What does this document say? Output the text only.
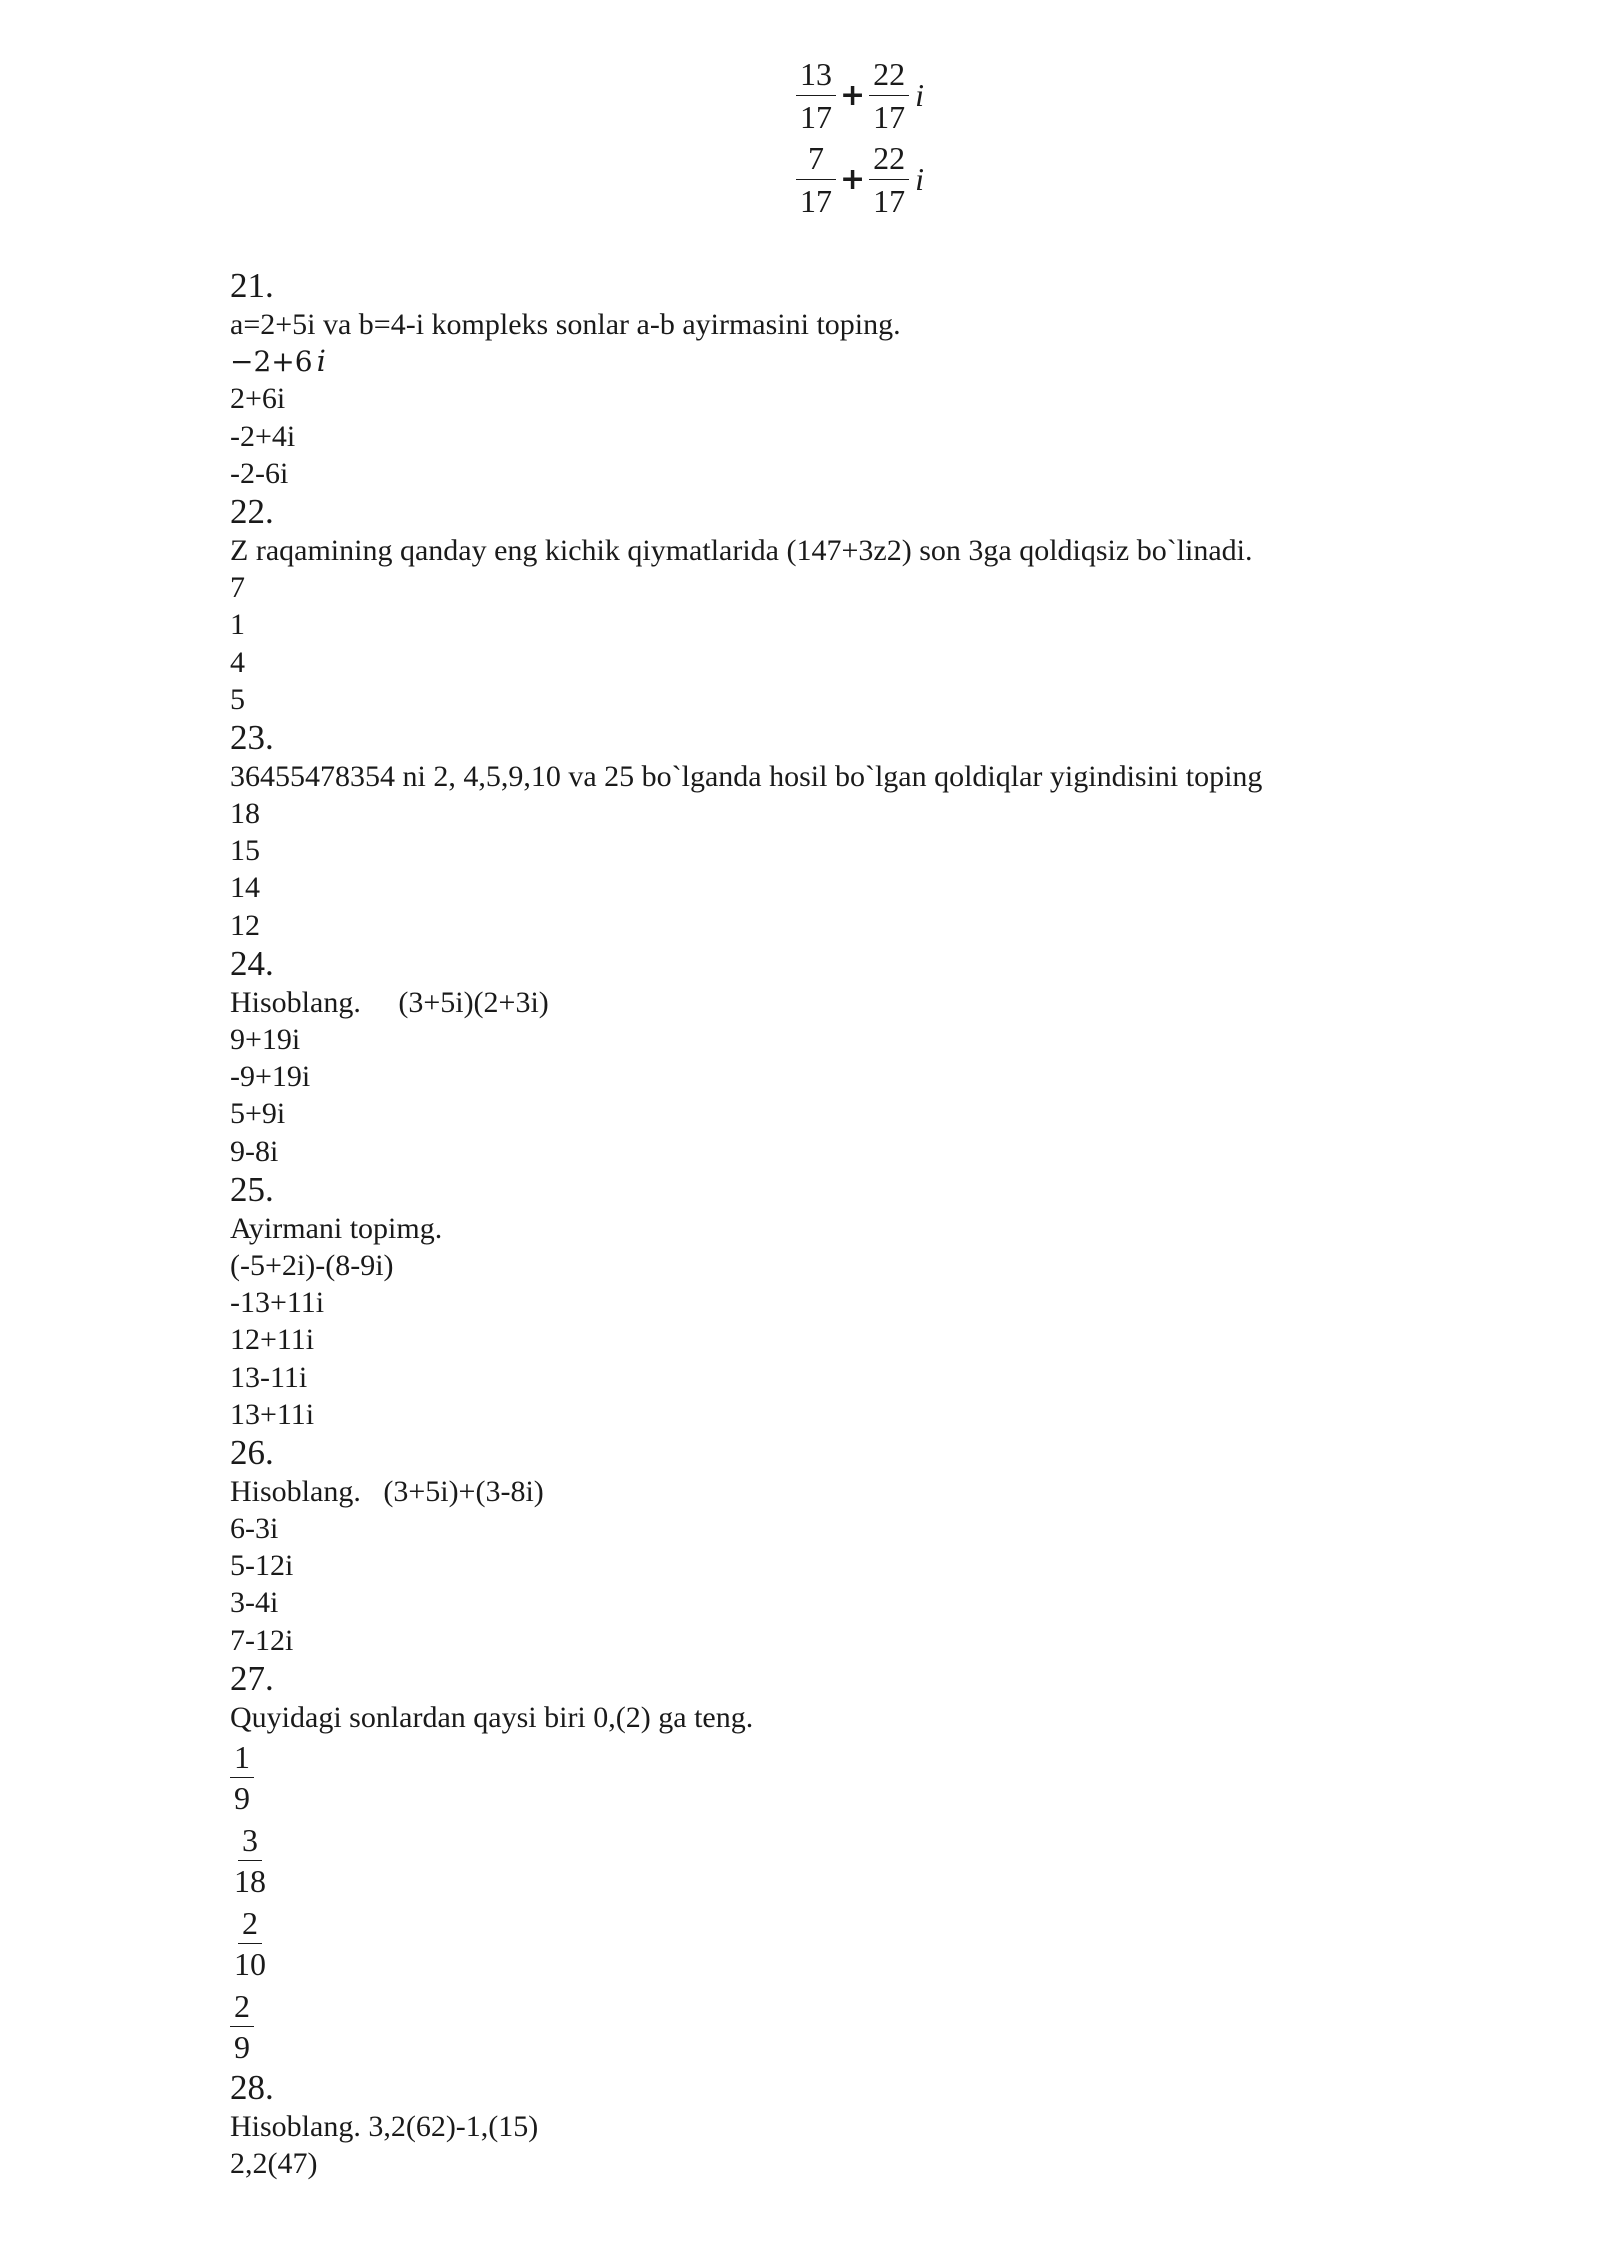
$\frac{13}{17} + \frac{22}{17}$ i
$\frac{7}{17} + \frac{22}{17}$ i
21.
a=2+5i va b=4-i kompleks sonlar a-b ayirmasini toping.
−2+6 i
2+6i
-2+4i
-2-6i
22.
Z raqamining qanday eng kichik qiymatlarida (147+3z2) son 3ga qoldiqsiz bo`linadi.
7
1
4
5
23.
36455478354 ni 2, 4,5,9,10 va 25 bo`lganda hosil bo`lgan qoldiqlar yigindisini toping
18
15
14
12
24.
Hisoblang.     (3+5i)(2+3i)
9+19i
-9+19i
5+9i
9-8i
25.
Ayirmani topimg.
(-5+2i)-(8-9i)
-13+11i
12+11i
13-11i
13+11i
26.
Hisoblang.   (3+5i)+(3-8i)
6-3i
5-12i
3-4i
7-12i
27.
Quyidagi sonlardan qaysi biri 0,(2) ga teng.
$\frac{1}{9}$
$\frac{3}{18}$
$\frac{2}{10}$
$\frac{2}{9}$
28.
Hisoblang. 3,2(62)-1,(15)
2,2(47)
